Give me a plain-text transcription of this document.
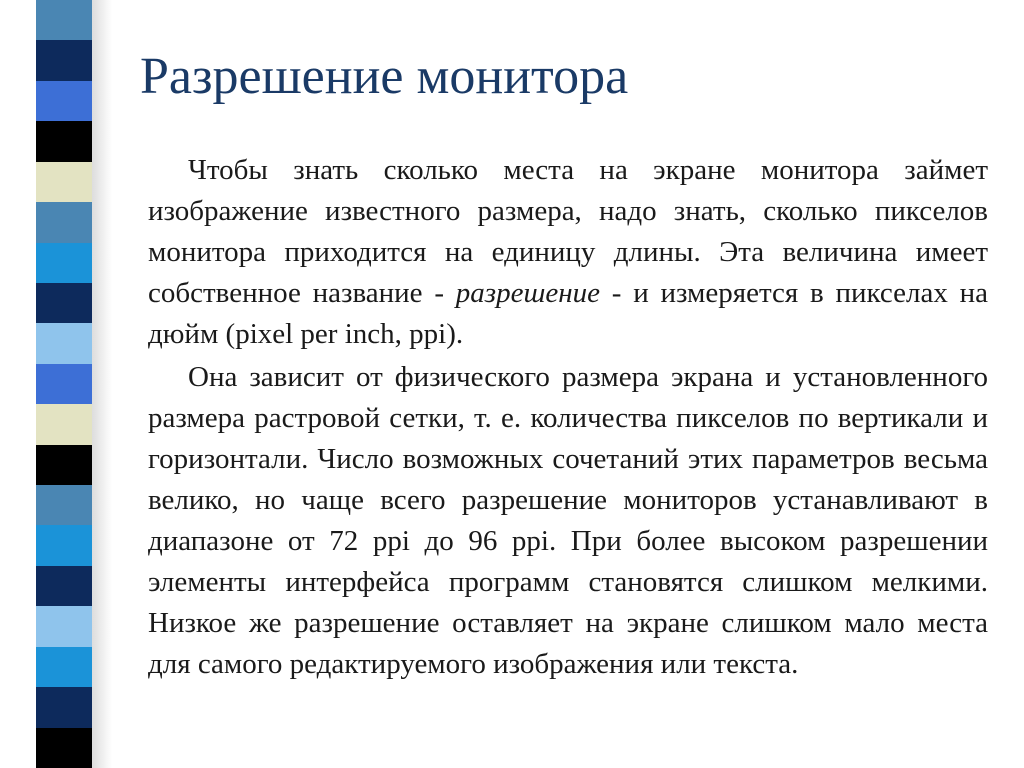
Разрешение монитора

Чтобы знать сколько места на экране монитора займет изображение известного размера, надо знать, сколько пикселов монитора приходится на единицу длины. Эта величина имеет собственное название - разрешение - и измеряется в пикселах на дюйм (pixel per inch, ppi).

Она зависит от физического размера экрана и установленного размера растровой сетки, т. е. количества пикселов по вертикали и горизонтали. Число возможных сочетаний этих параметров весьма велико, но чаще всего разрешение мониторов устанавливают в диапазоне от 72 ppi до 96 ppi. При более высоком разрешении элементы интерфейса программ становятся слишком мелкими. Низкое же разрешение оставляет на экране слишком мало места для самого редактируемого изображения или текста.
